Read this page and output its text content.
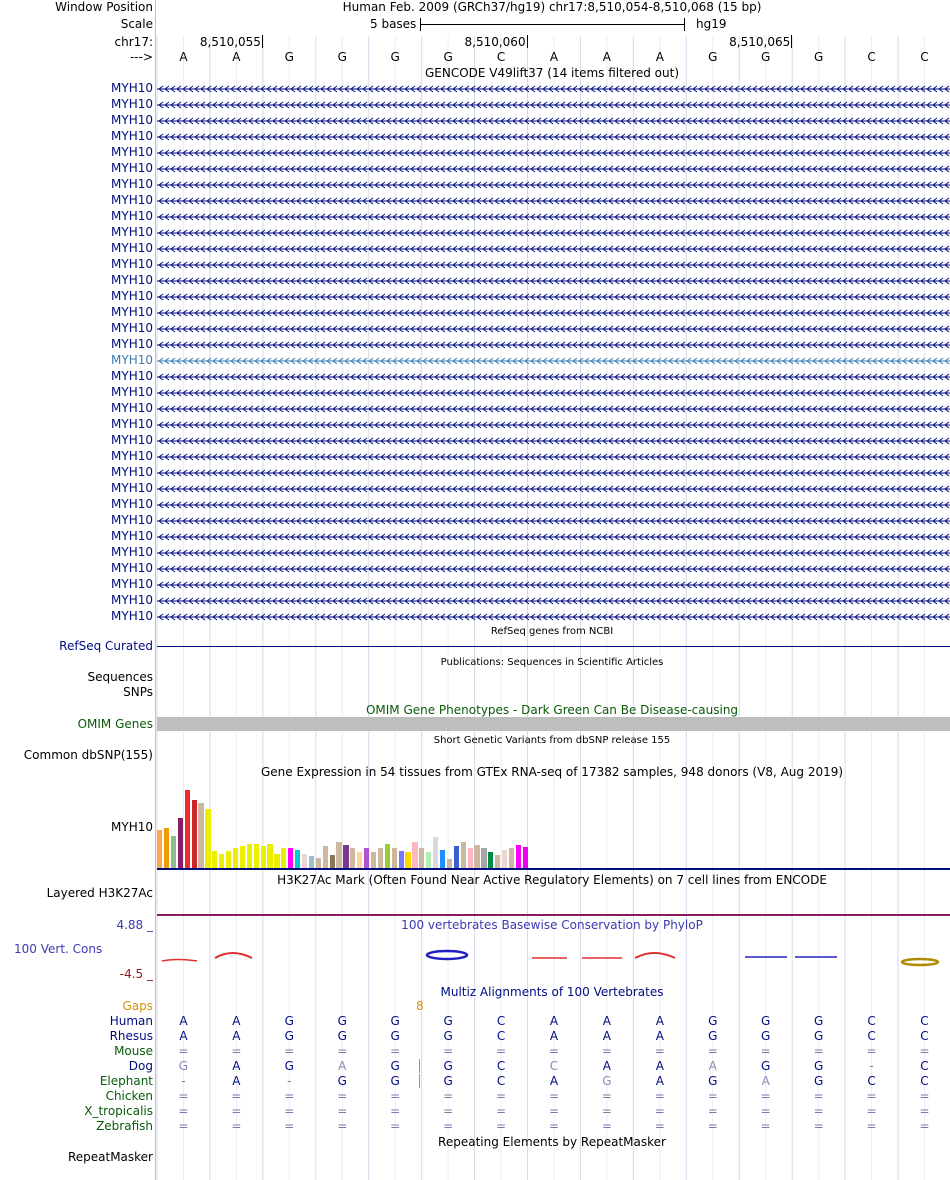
Window Position	Human Feb. 2009 (GRCh37/hg19) chr17:8,510,054-8,510,068 (15 bp)
Scale	5 bases	hg19
chr17:	8,510,055	8,510,060	8,510,065
--->	A	A	G	G	G	G	C	A	A	A	G	G	G	C	C
GENCODE V49lift37 (14 items filtered out)
MYH10
MYH10
MYH10
MYH10
MYH10
MYH10
MYH10
MYH10
MYH10
MYH10
MYH10
MYH10
MYH10
MYH10
MYH10
MYH10
MYH10
MYH10
MYH10
MYH10
MYH10
MYH10
MYH10
MYH10
MYH10
MYH10
MYH10
MYH10
MYH10
MYH10
MYH10
MYH10
MYH10
MYH10
RefSeq genes from NCBI
RefSeq Curated
Publications: Sequences in Scientific Articles
Sequences
SNPs
OMIM Gene Phenotypes - Dark Green Can Be Disease-causing
OMIM Genes
Short Genetic Variants from dbSNP release 155
Common dbSNP(155)
Gene Expression in 54 tissues from GTEx RNA-seq of 17382 samples, 948 donors (V8, Aug 2019)
MYH10
H3K27Ac Mark (Often Found Near Active Regulatory Elements) on 7 cell lines from ENCODE
Layered H3K27Ac
100 vertebrates Basewise Conservation by PhyloP
4.88 _
100 Vert. Cons
-4.5 _
Multiz Alignments of 100 Vertebrates
Gaps	8
Human	A	A	G	G	G	G	C	A	A	A	G	G	G	C	C
Rhesus	A	A	G	G	G	G	C	A	A	A	G	G	G	C	C
Mouse	=	=	=	=	=	=	=	=	=	=	=	=	=	=	=
Dog	G	A	G	A	G	G	C	C	A	A	A	G	G	-	C
Elephant	-	A	-	G	G	G	C	A	G	A	G	A	G	C	C
Chicken	=	=	=	=	=	=	=	=	=	=	=	=	=	=	=
X_tropicalis	=	=	=	=	=	=	=	=	=	=	=	=	=	=	=
Zebrafish	=	=	=	=	=	=	=	=	=	=	=	=	=	=	=
Repeating Elements by RepeatMasker
RepeatMasker
